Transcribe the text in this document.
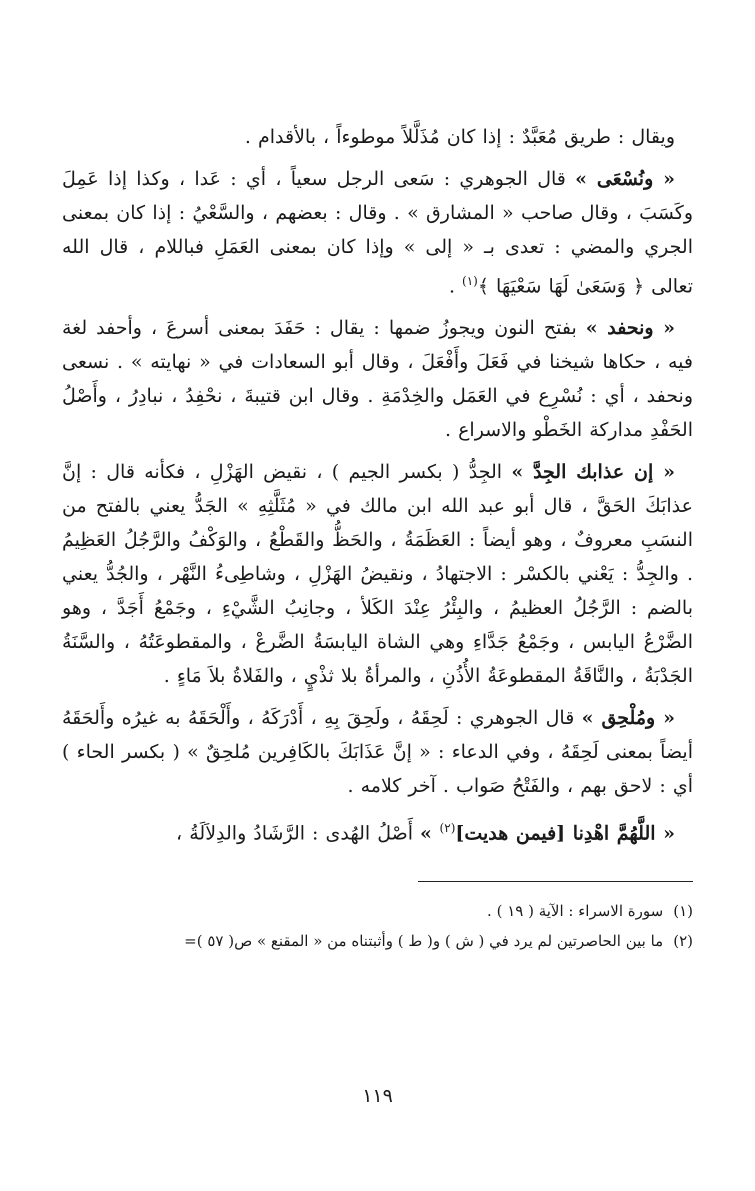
ويقال : طريق مُعَبَّدٌ : إذا كان مُذَلَّلاً موطوءاً ، بالأقدام .

« ونُسْعَى » قال الجوهري : سَعى الرجل سعياً ، أي : عَدا ، وكذا إذا عَمِلَ وكَسَبَ ، وقال صاحب « المشارق » . وقال : بعضهم ، والسَّعْيُ : إذا كان بمعنى الجري والمضي : تعدى بـ « إلى » وإذا كان بمعنى العَمَلِ فباللام ، قال الله تعالى ﴿ وَسَعَىٰ لَهَا سَعْيَهَا ﴾$^{(١)}$ .

« ونحفد » بفتح النون ويجوزُ ضمها : يقال : حَفَدَ بمعنى أسرعَ ، وأحفد لغة فيه ، حكاها شيخنا في فَعَلَ وأَفْعَلَ ، وقال أبو السعادات في « نهايته » . نسعى ونحفد ، أي : نُسْرِع في العَمَل والخِدْمَةِ . وقال ابن قتيبةَ ، نحْفِدُ ، نبادِرُ ، وأَصْلُ الحَفْدِ مداركة الخَطْو والاسراع .

« إن عذابك الجِدَّ » الجِدُّ ( بكسر الجيم ) ، نقيض الهَزْلِ ، فكأنه قال : إنَّ عذابَكَ الحَقَّ ، قال أبو عبد الله ابن مالك في « مُثَلَّثِهِ » الجَدُّ يعني بالفتح من النسَبِ معروفٌ ، وهو أيضاً : العَظَمَةُ ، والحَظُّ والقَطْعُ ، والوَكْفُ والرَّجُلُ العَظِيمُ . والجِدُّ : يَعْني بالكسْر : الاجتهادُ ، ونقيضُ الهَزْلِ ، وشاطِىءُ النَّهْر ، والجُدُّ يعني بالضم : الرَّجُلُ العظيمُ ، والبِئْرُ عِنْدَ الكَلأ ، وجانِبُ الشَّيْءِ ، وجَمْعُ أَجَدَّ ، وهو الضَّرْعُ اليابس ، وجَمْعُ جَدَّاءِ وهي الشاة اليابسَةُ الضَّرعْ ، والمقطوعَتُهُ ، والسَّنَةُ الجَدْبَةُ ، والنَّاقَةُ المقطوعَةُ الأُذُنِ ، والمرأةُ بلا ثذْيٍ ، والفَلاةُ بلاَ مَاءٍ .

« ومُلْحِق » قال الجوهري : لَحِقَهُ ، ولَحِقَ بِهِ ، أَدْرَكَهُ ، وأَلْحَقَهُ به غيرُه وأَلحَقَهُ أيضاً بمعنى لَحِقَهُ ، وفي الدعاء : « إنَّ عَذَابَكَ بالكَافِرين مُلحِقٌ » ( بكسر الحاء ) أي : لاحق بهم ، والفَتْحُ صَواب . آخر كلامه .

« اللَّهُمَّ اهْدِنا [فيمن هديت]$^{(٢)}$ » أَصْلُ الهُدى : الرَّشَادُ والدِلاَلَةُ ،

(١)سورة الاسراء : الآية ( ١٩ ) .

(٢)ما بين الحاصرتين لم يرد في ( ش ) و( ط ) وأثبتناه من « المقنع » ص( ٥٧ )=

١١٩
